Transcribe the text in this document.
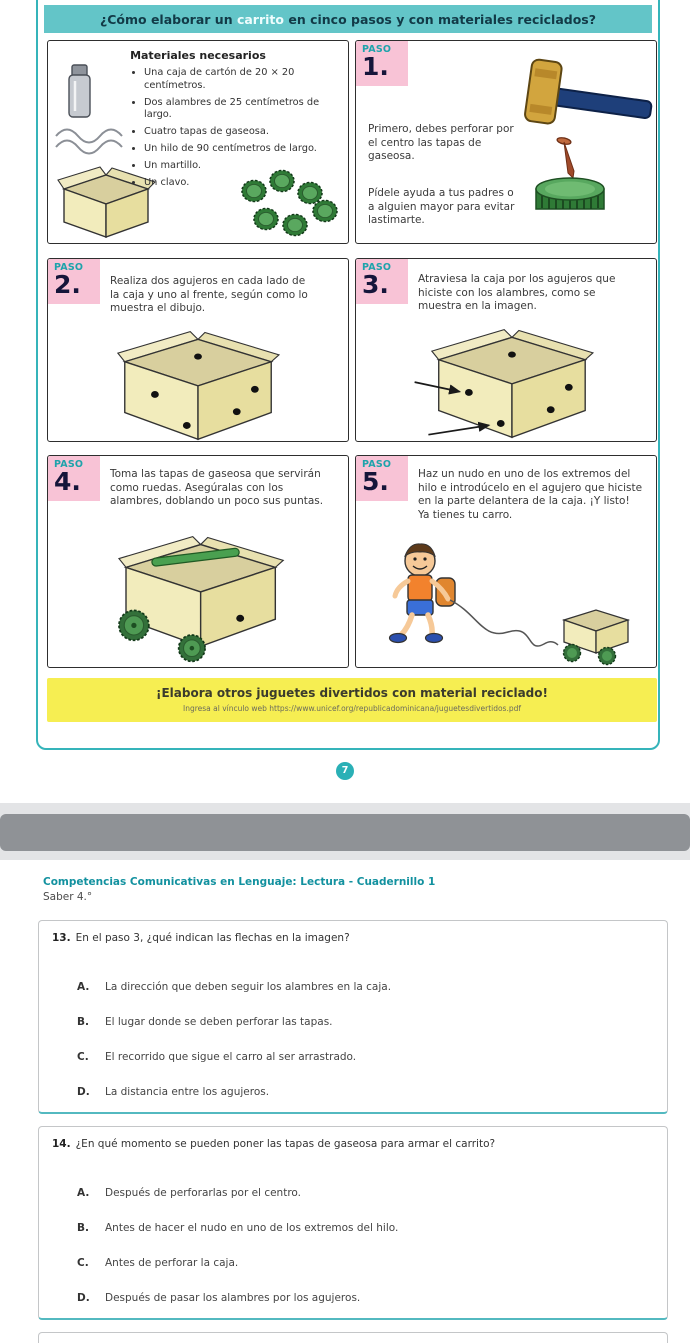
¿Cómo elaborar un carrito en cinco pasos y con materiales reciclados?
Materiales necesarios
• Una caja de cartón de 20 × 20 centímetros.
• Dos alambres de 25 centímetros de largo.
• Cuatro tapas de gaseosa.
• Un hilo de 90 centímetros de largo.
• Un martillo.
• Un clavo.
PASO
1.

Primero, debes perforar por el centro las tapas de gaseosa.

Pídele ayuda a tus padres o a alguien mayor para evitar lastimarte.

PASO
2.	Realiza dos agujeros en cada lado de la caja y uno al frente, según como lo muestra el dibujo.

PASO
3.	Atraviesa la caja por los agujeros que hiciste con los alambres, como se muestra en la imagen.

PASO
4.	Toma las tapas de gaseosa que servirán como ruedas. Asegúralas con los alambres, doblando un poco sus puntas.

PASO
5.	Haz un nudo en uno de los extremos del hilo e introdúcelo en el agujero que hiciste en la parte delantera de la caja. ¡Y listo! Ya tienes tu carro.

¡Elabora otros juguetes divertidos con material reciclado!
Ingresa al vínculo web https://www.unicef.org/republicadominicana/juguetesdivertidos.pdf
7
Competencias Comunicativas en Lenguaje: Lectura - Cuadernillo 1
Saber 4.°
13. En el paso 3, ¿qué indican las flechas en la imagen?
A. La dirección que deben seguir los alambres en la caja.
B. El lugar donde se deben perforar las tapas.
C. El recorrido que sigue el carro al ser arrastrado.
D. La distancia entre los agujeros.
14. ¿En qué momento se pueden poner las tapas de gaseosa para armar el carrito?
A. Después de perforarlas por el centro.
B. Antes de hacer el nudo en uno de los extremos del hilo.
C. Antes de perforar la caja.
D. Después de pasar los alambres por los agujeros.
